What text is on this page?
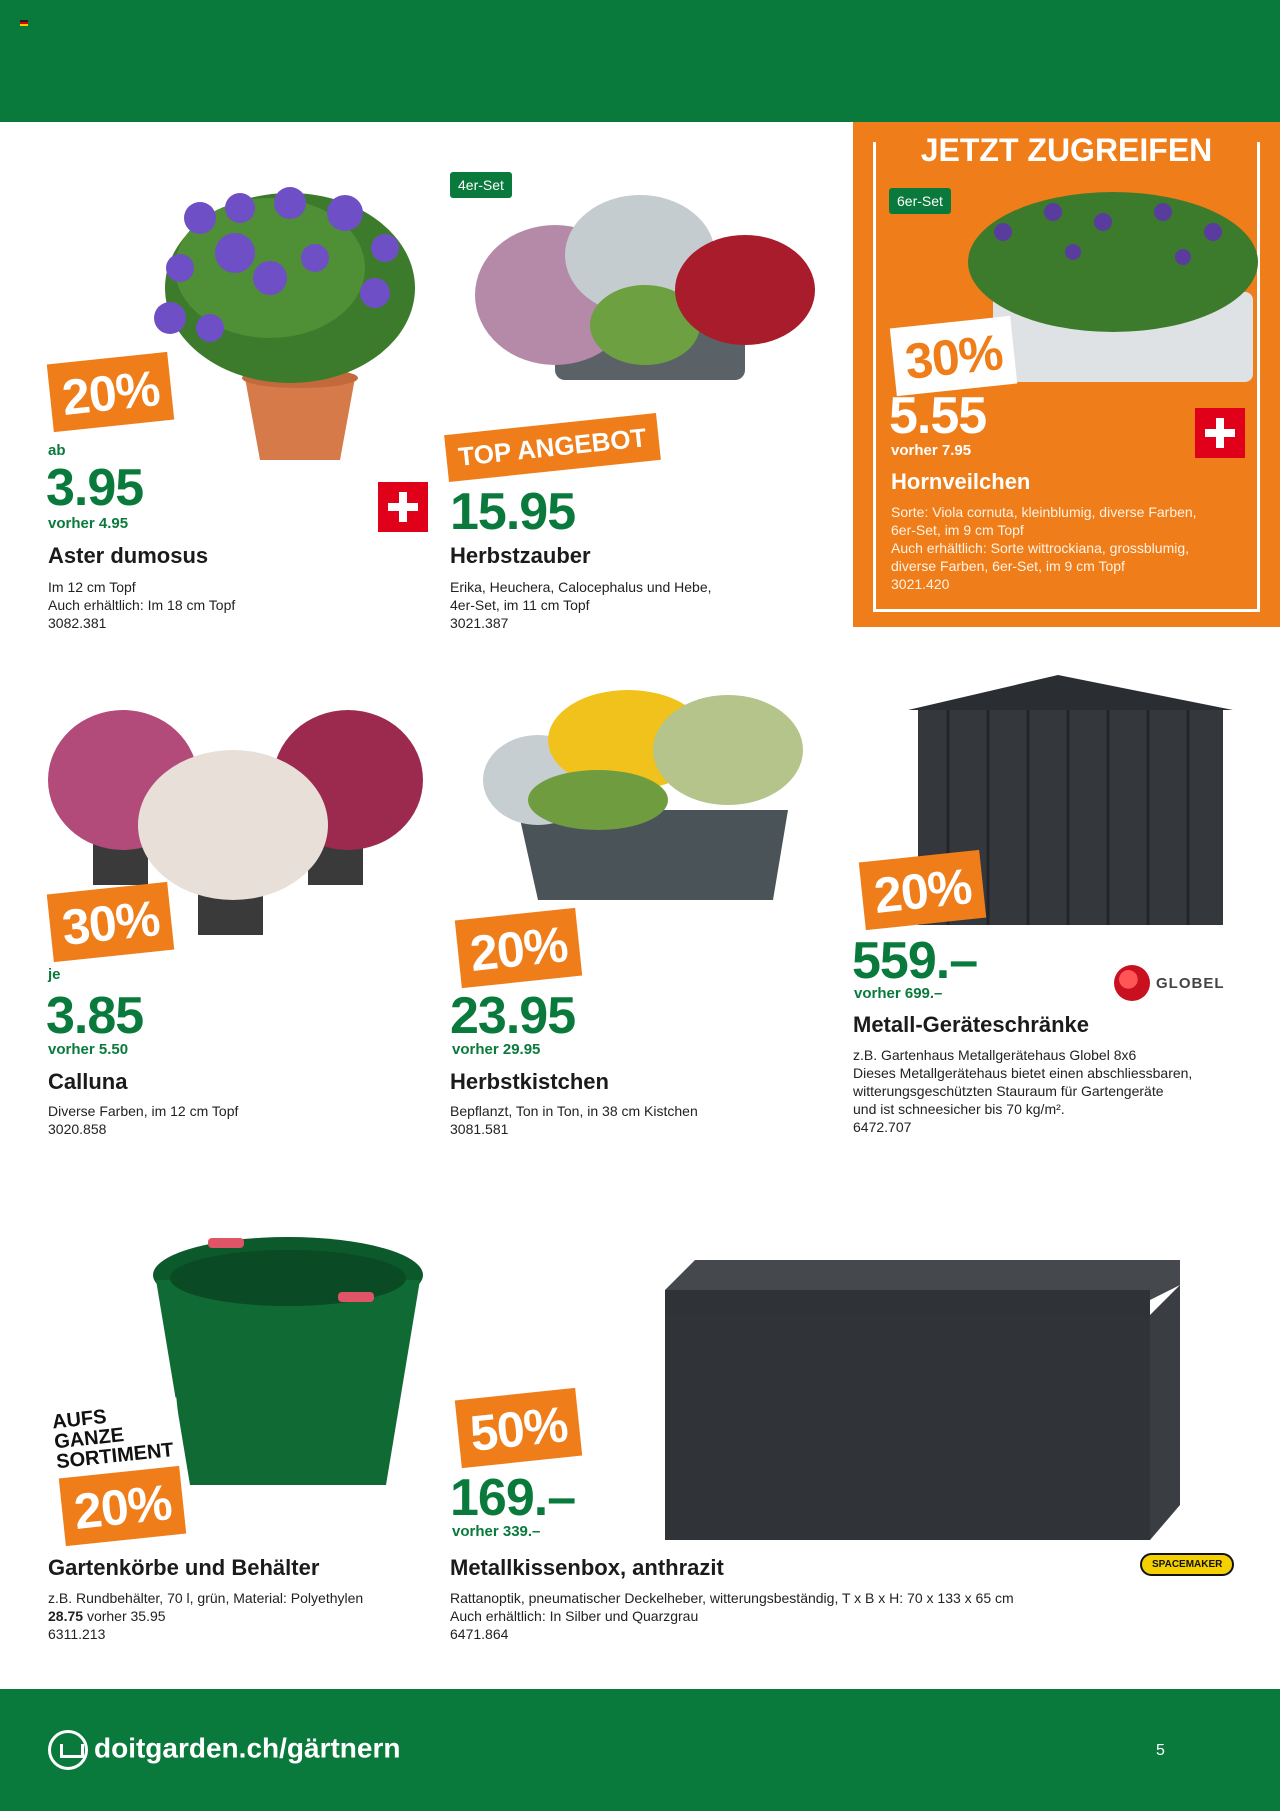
20%
ab
3.95
vorher 4.95
Aster dumosus
Im 12 cm Topf
Auch erhältlich: Im 18 cm Topf
3082.381
4er-Set
TOP ANGEBOT
15.95
Herbstzauber
Erika, Heuchera, Calocephalus und Hebe,
4er-Set, im 11 cm Topf
3021.387
JETZT ZUGREIFEN
6er-Set
30%
5.55
vorher 7.95
Hornveilchen
Sorte: Viola cornuta, kleinblumig, diverse Farben,
6er-Set, im 9 cm Topf
Auch erhältlich: Sorte wittrockiana, grossblumig,
diverse Farben, 6er-Set, im 9 cm Topf
3021.420
30%
je
3.85
vorher 5.50
Calluna
Diverse Farben, im 12 cm Topf
3020.858
20%
23.95
vorher 29.95
Herbstkistchen
Bepflanzt, Ton in Ton, in 38 cm Kistchen
3081.581
20%
559.–
vorher 699.–
Metall-Geräteschränke
z.B. Gartenhaus Metallgerätehaus Globel 8x6
Dieses Metallgerätehaus bietet einen abschliessbaren,
witterungsgeschützten Stauraum für Gartengeräte
und ist schneesicher bis 70 kg/m².
6472.707
GLOBEL
AUFS GANZE SORTIMENT
20%
Gartenkörbe und Behälter
z.B. Rundbehälter, 70 l, grün, Material: Polyethylen
28.75 vorher 35.95
6311.213
50%
169.–
vorher 339.–
Metallkissenbox, anthrazit
Rattanoptik, pneumatischer Deckelheber, witterungsbeständig, T x B x H: 70 x 133 x 65 cm
Auch erhältlich: In Silber und Quarzgrau
6471.864
SPACEMAKER
doitgarden.ch/gärtnern	5
